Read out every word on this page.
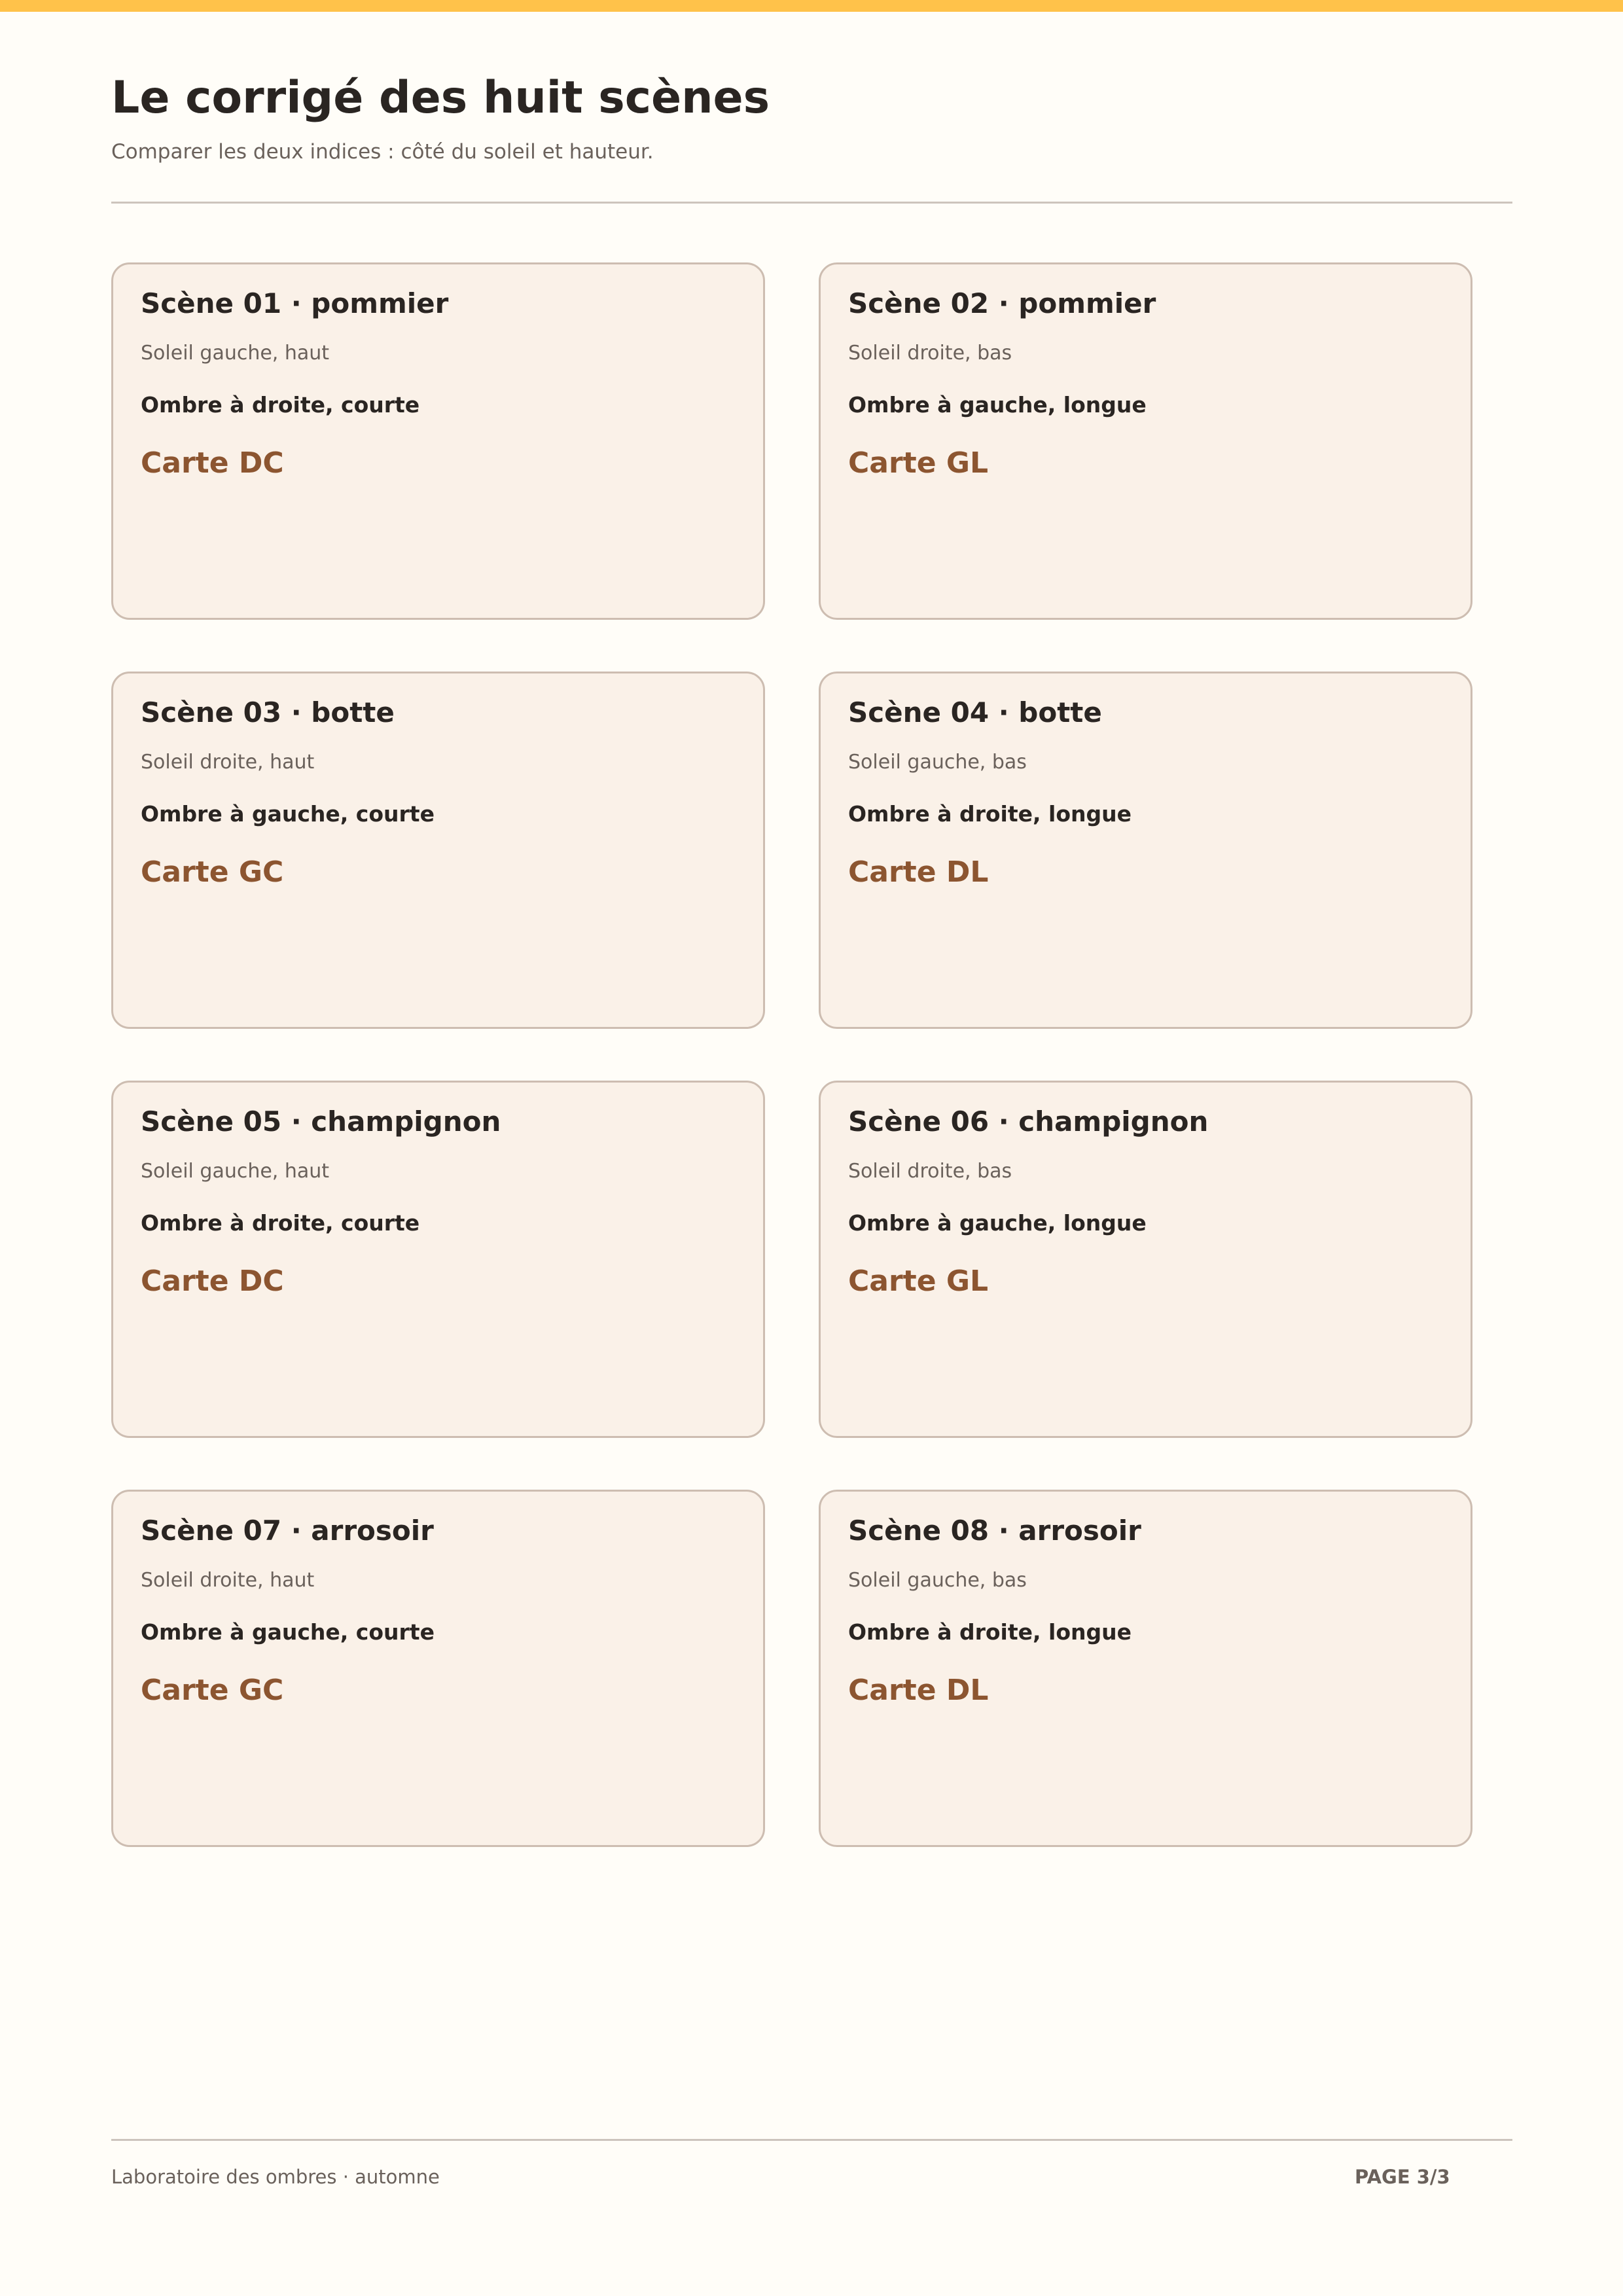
Le corrigé des huit scènes

Comparer les deux indices : côté du soleil et hauteur.

Scène 01 · pommier
Soleil gauche, haut
Ombre à droite, courte
Carte DC
Scène 02 · pommier
Soleil droite, bas
Ombre à gauche, longue
Carte GL
Scène 03 · botte
Soleil droite, haut
Ombre à gauche, courte
Carte GC
Scène 04 · botte
Soleil gauche, bas
Ombre à droite, longue
Carte DL
Scène 05 · champignon
Soleil gauche, haut
Ombre à droite, courte
Carte DC
Scène 06 · champignon
Soleil droite, bas
Ombre à gauche, longue
Carte GL
Scène 07 · arrosoir
Soleil droite, haut
Ombre à gauche, courte
Carte GC
Scène 08 · arrosoir
Soleil gauche, bas
Ombre à droite, longue
Carte DL
Laboratoire des ombres · automne	PAGE 3/3
